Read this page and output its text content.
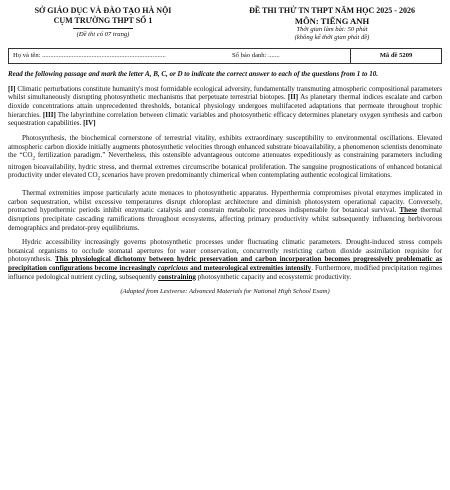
SỞ GIÁO DỤC VÀ ĐÀO TẠO HÀ NỘI
CỤM TRƯỜNG THPT SỐ 1
(Đề thi có 07 trang)
ĐỀ THI THỬ TN THPT NĂM HỌC 2025 - 2026
MÔN: TIẾNG ANH
Thời gian làm bài: 50 phút
(không kể thời gian phát đề)
Họ và tên: ...........................................................................	Số báo danh: .......	Mã đề 5209
Read the following passage and mark the letter A, B, C, or D to indicate the correct answer to each of the questions from 1 to 10.

[I] Climatic perturbations constitute humanity's most formidable ecological adversity, fundamentally transmuting atmospheric compositional parameters whilst simultaneously disrupting photosynthetic mechanisms that perpetuate terrestrial biotopes. [II] As planetary thermal indices escalate and carbon dioxide concentrations attain unprecedented thresholds, botanical physiology undergoes multifaceted adaptations that permeate throughout trophic hierarchies. [III] The labyrinthine correlation between climatic variables and photosynthetic efficacy determines planetary oxygen synthesis and carbon sequestration capabilities. [IV]

Photosynthesis, the biochemical cornerstone of terrestrial vitality, exhibits extraordinary susceptibility to environmental oscillations. Elevated atmospheric carbon dioxide initially augments photosynthetic velocities through enhanced substrate bioavailability, a phenomenon scientists denominate the “$CO_2$ fertilization paradigm.” Nevertheless, this ostensible advantageous outcome attenuates expeditiously as constraining parameters including nitrogen bioavailability, hydric stress, and thermal extremes circumscribe botanical proliferation. The sanguine prognostications of enhanced botanical productivity under elevated $CO_2$ scenarios have proven predominantly chimerical when contemplating authentic ecological limitations.

Thermal extremities impose particularly acute menaces to photosynthetic apparatus. Hyperthermia compromises pivotal enzymes implicated in carbon sequestration, whilst excessive temperatures disrupt chloroplast architecture and diminish photosystem operational capacity. Conversely, protracted hypothermic periods inhibit enzymatic catalysis and constrain metabolic processes indispensable for botanical survival. These thermal disruptions precipitate cascading ramifications throughout ecosystems, affecting primary productivity whilst subsequently influencing herbivorous demographics and predator-prey equilibriums.

Hydric accessibility increasingly governs photosynthetic processes under fluctuating climatic parameters. Drought-induced stress compels botanical organisms to occlude stomatal apertures for water conservation, concurrently restricting carbon dioxide assimilation requisite for photosynthesis. This physiological dichotomy between hydric preservation and carbon incorporation becomes progressively problematic as precipitation configurations become increasingly capricious and meteorological extremities intensify. Furthermore, modified precipitation regimes influence pedological nutrient cycling, subsequently constraining photosynthetic capacity and ecosystemic productivity.

(Adapted from Lexiverse: Advanced Materials for National High School Exam)
